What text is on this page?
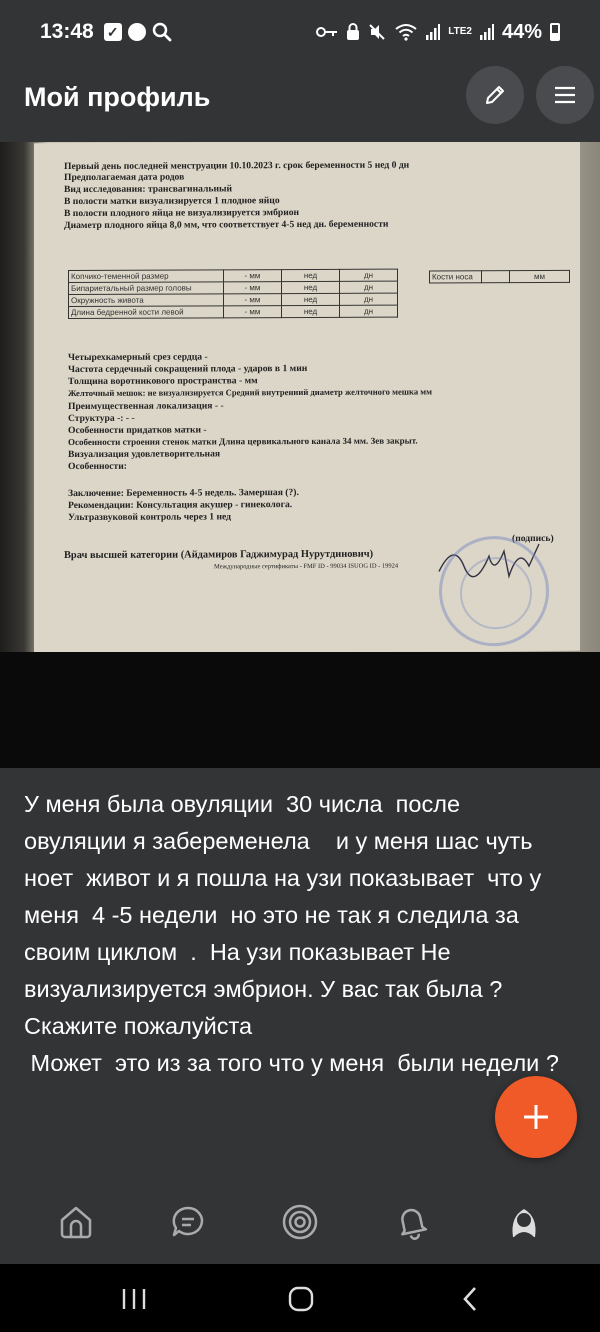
13:48 ✓	LTE2 44%
Мой профиль
Первый день последней менструации 10.10.2023 г. срок беременности 5 нед 0 дн
Предполагаемая дата родов
Вид исследования: трансвагинальный
В полости матки визуализируется 1 плодное яйцо
В полости плодного яйца не визуализируется эмбрион
Диаметр плодного яйца 8,0 мм, что соответствует 4-5 нед дн. беременности
Копчико-теменной размер	- мм	нед	дн
Бипариетальный размер головы	- мм	нед	дн
Окружность живота	- мм	нед	дн
Длина бедренной кости левой	- мм	нед	дн
Кости носа		мм
Четырехкамерный срез сердца -
Частота сердечный сокращений плода - ударов в 1 мин
Толщина воротникового пространства - мм
Желточный мешок: не визуализируется Средний внутренний диаметр желточного мешка мм
Преимущественная локализация - -
Структура -: - -
Особенности придатков матки -
Особенности строения стенок матки Длина цервикального канала 34 мм. Зев закрыт.
Визуализация удовлетворительная
Особенности:
Заключение: Беременность 4-5 недель. Замершая (?).
Рекомендации: Консультация акушер - гинеколога.
Ультразвуковой контроль через 1 нед
(подпись)
Врач высшей категории (Айдамиров Гаджимурад Нурутдинович)
Международные сертификаты - FMF ID - 99034 ISUOG ID - 19924
У меня была овуляции  30 числа  после овуляции я забеременела    и у меня шас чуть ноет  живот и я пошла на узи показывает  что у меня  4 -5 недели  но это не так я следила за своим циклом  .  На узи показывает Не визуализируется эмбрион. У вас так была ? Скажите пожалуйста
Может  это из за того что у меня  были недели ?
